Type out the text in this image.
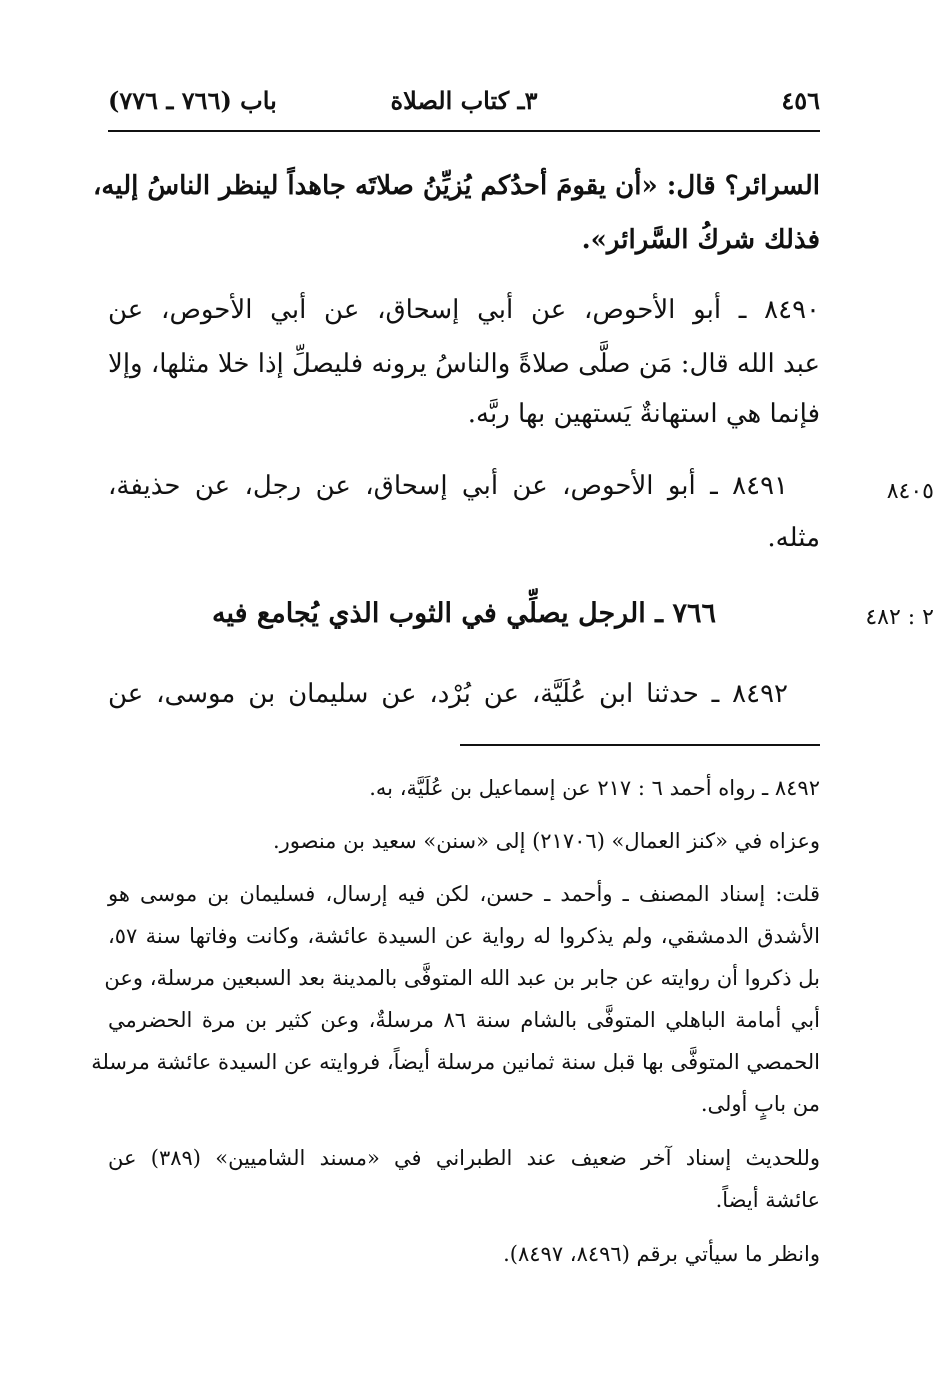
٤٥٦
٣ـ كتاب الصلاة
باب (٧٦٦ ـ ٧٧٦)
السرائر؟ قال: «أن يقومَ أحدُكم يُزيِّنُ صلاتَه جاهداً لينظر الناسُ إليه،
فذلك شركُ السَّرائر».
٨٤٩٠ ـ أبو الأحوص، عن أبي إسحاق، عن أبي الأحوص، عن
عبد الله قال: مَن صلَّى صلاةً والناسُ يرونه فليصلِّ إذا خلا مثلها، وإلا
فإنما هي استهانةٌ يَستهين بها ربَّه.
٨٤٩١ ـ أبو الأحوص، عن أبي إسحاق، عن رجل، عن حذيفة،
مثله.
٧٦٦ ـ الرجل يصلِّي في الثوب الذي يُجامع فيه
٨٤٩٢ ـ حدثنا ابن عُلَيَّة، عن بُرْد، عن سليمان بن موسى، عن
٨٤٠٥
٢ : ٤٨٢
٨٤٩٢ ـ رواه أحمد ٦ : ٢١٧ عن إسماعيل بن عُلَيَّة، به.
وعزاه في «كنز العمال» (٢١٧٠٦) إلى «سنن» سعيد بن منصور.
قلت: إسناد المصنف ـ وأحمد ـ حسن، لكن فيه إرسال، فسليمان بن موسى هو
الأشدق الدمشقي، ولم يذكروا له رواية عن السيدة عائشة، وكانت وفاتها سنة ٥٧،
بل ذكروا أن روايته عن جابر بن عبد الله المتوفَّى بالمدينة بعد السبعين مرسلة، وعن
أبي أمامة الباهلي المتوفَّى بالشام سنة ٨٦ مرسلةٌ، وعن كثير بن مرة الحضرمي
الحمصي المتوفَّى بها قبل سنة ثمانين مرسلة أيضاً، فروايته عن السيدة عائشة مرسلة
من بابٍ أولى.
وللحديث إسناد آخر ضعيف عند الطبراني في «مسند الشاميين» (٣٨٩) عن
عائشة أيضاً.
وانظر ما سيأتي برقم (٨٤٩٦، ٨٤٩٧).
